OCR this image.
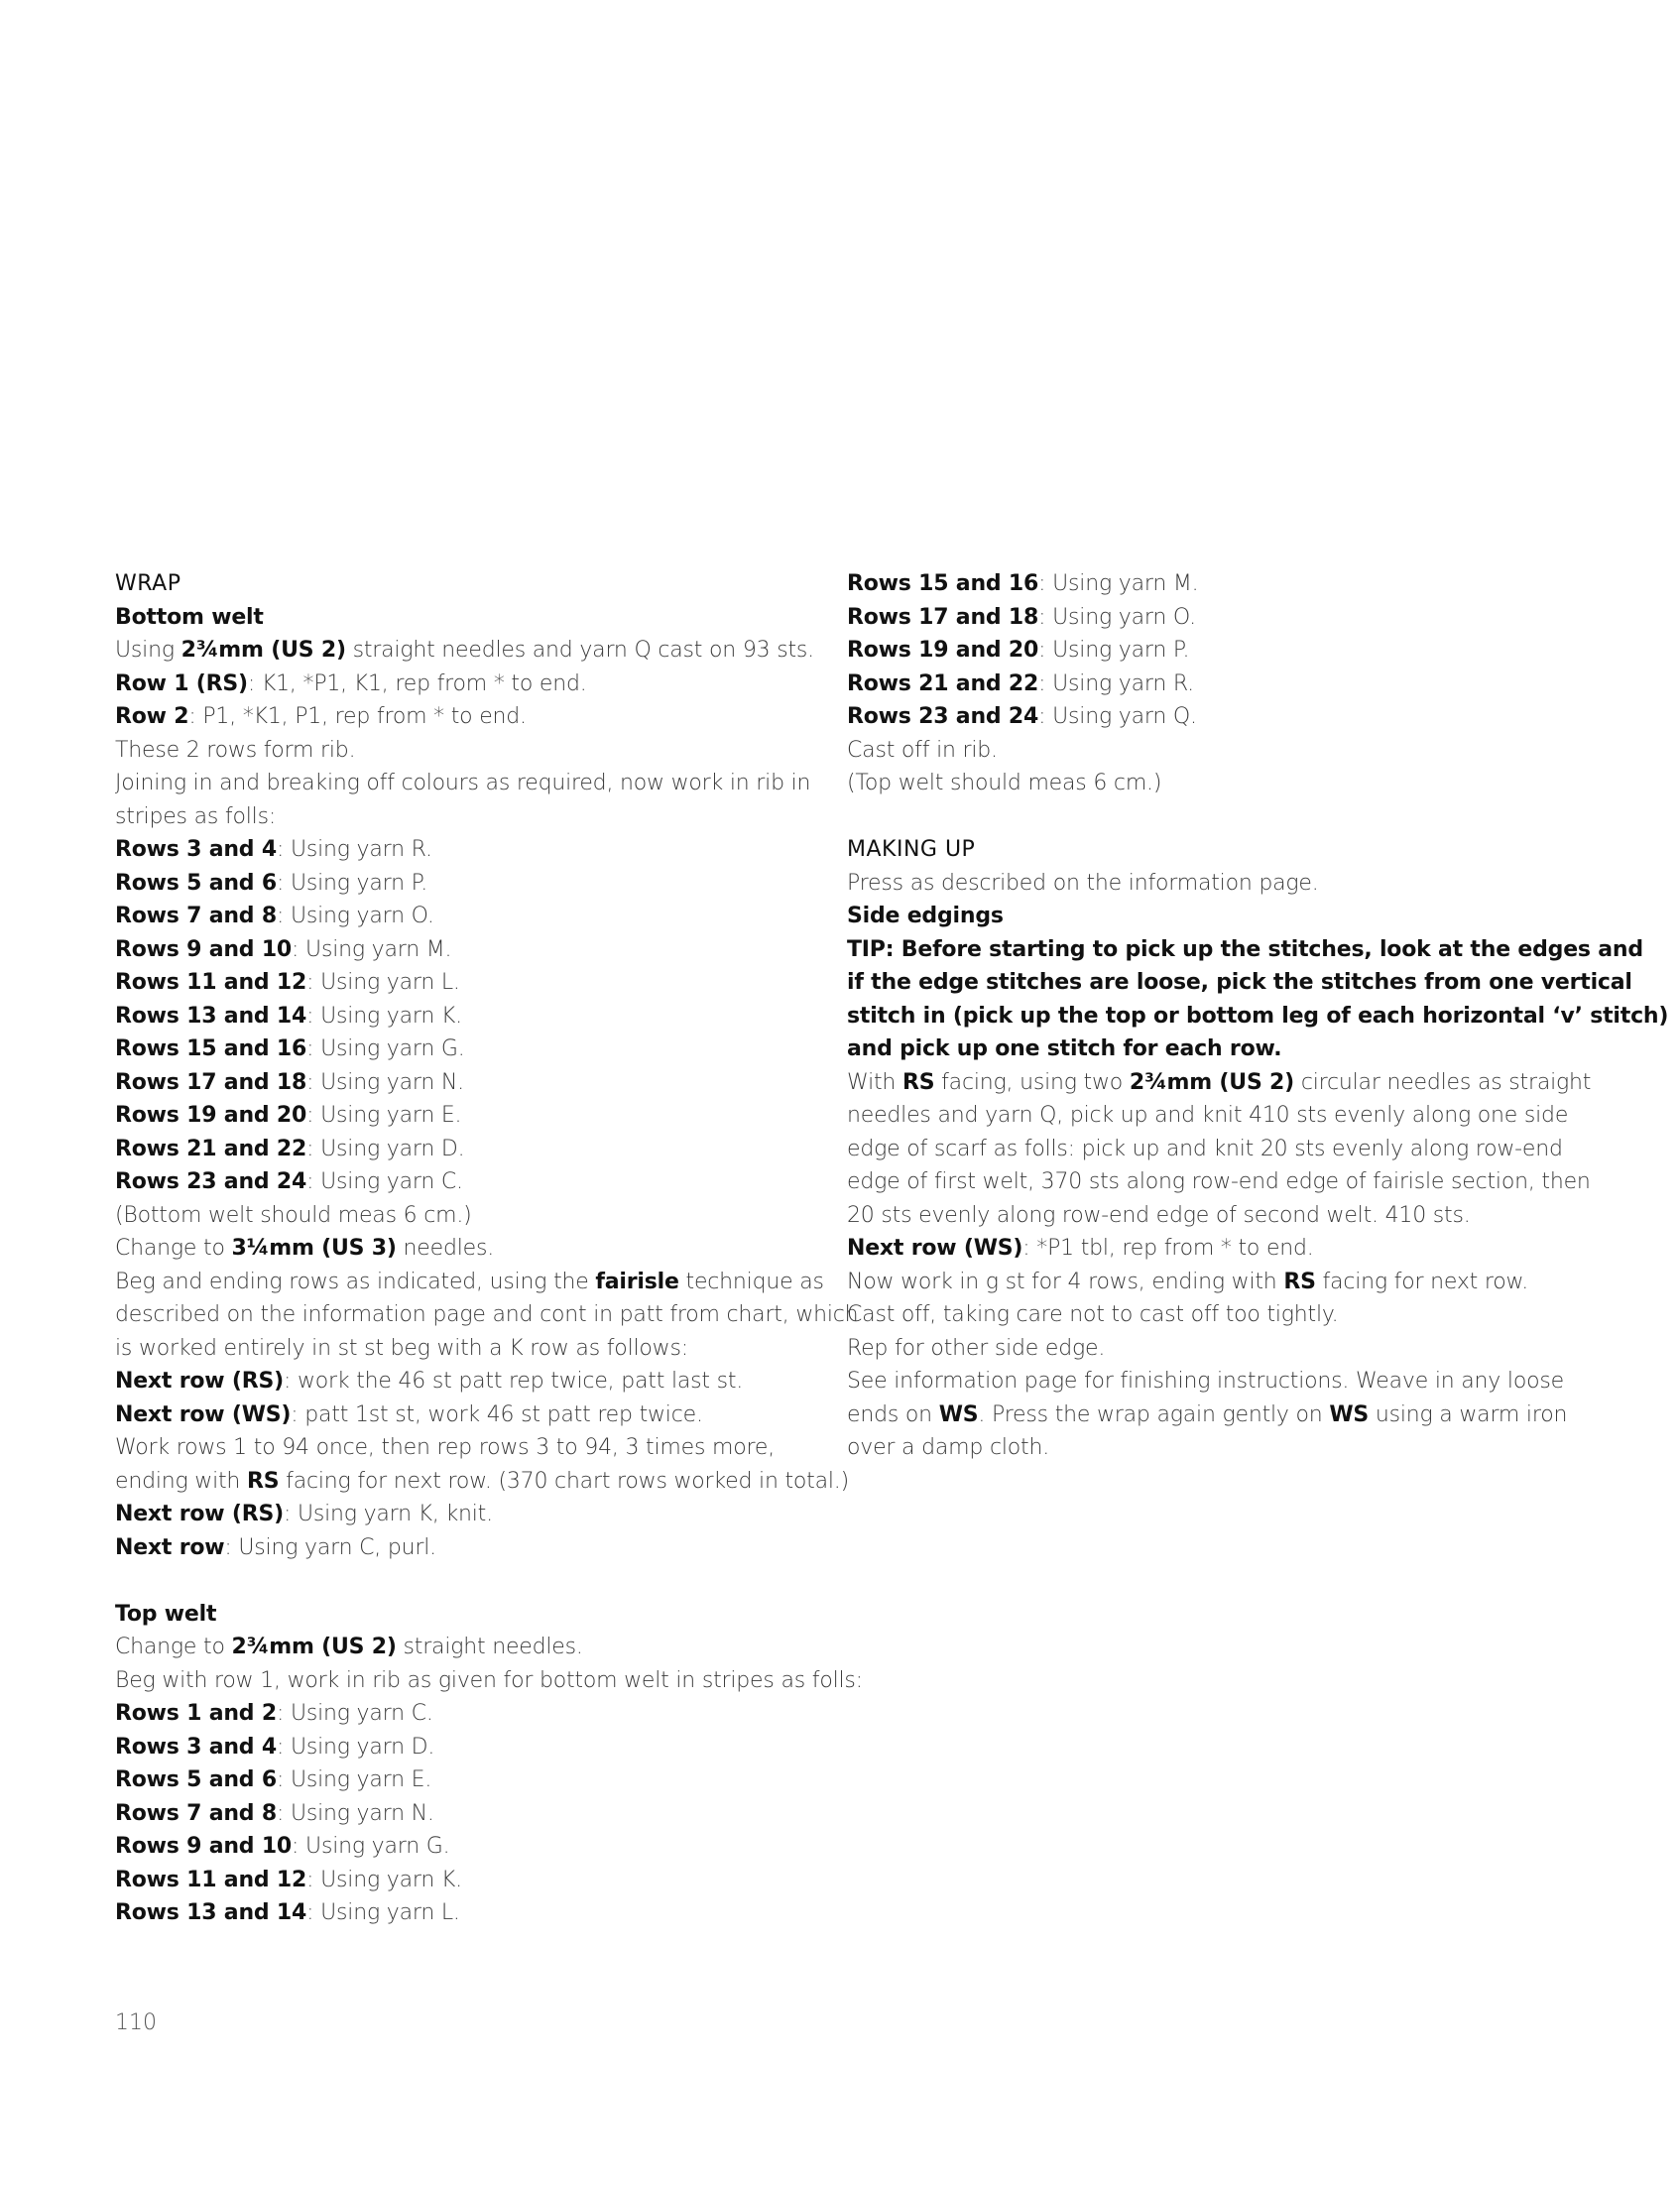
WRAP
Bottom welt
Using 2¾mm (US 2) straight needles and yarn Q cast on 93 sts.
Row 1 (RS): K1, *P1, K1, rep from * to end.
Row 2: P1, *K1, P1, rep from * to end.
These 2 rows form rib.
Joining in and breaking off colours as required, now work in rib in
stripes as folls:
Rows 3 and 4: Using yarn R.
Rows 5 and 6: Using yarn P.
Rows 7 and 8: Using yarn O.
Rows 9 and 10: Using yarn M.
Rows 11 and 12: Using yarn L.
Rows 13 and 14: Using yarn K.
Rows 15 and 16: Using yarn G.
Rows 17 and 18: Using yarn N.
Rows 19 and 20: Using yarn E.
Rows 21 and 22: Using yarn D.
Rows 23 and 24: Using yarn C.
(Bottom welt should meas 6 cm.)
Change to 3¼mm (US 3) needles.
Beg and ending rows as indicated, using the fairisle technique as
described on the information page and cont in patt from chart, which
is worked entirely in st st beg with a K row as follows:
Next row (RS): work the 46 st patt rep twice, patt last st.
Next row (WS): patt 1st st, work 46 st patt rep twice.
Work rows 1 to 94 once, then rep rows 3 to 94, 3 times more,
ending with RS facing for next row. (370 chart rows worked in total.)
Next row (RS): Using yarn K, knit.
Next row: Using yarn C, purl.
Top welt
Change to 2¾mm (US 2) straight needles.
Beg with row 1, work in rib as given for bottom welt in stripes as folls:
Rows 1 and 2: Using yarn C.
Rows 3 and 4: Using yarn D.
Rows 5 and 6: Using yarn E.
Rows 7 and 8: Using yarn N.
Rows 9 and 10: Using yarn G.
Rows 11 and 12: Using yarn K.
Rows 13 and 14: Using yarn L.
Rows 15 and 16: Using yarn M.
Rows 17 and 18: Using yarn O.
Rows 19 and 20: Using yarn P.
Rows 21 and 22: Using yarn R.
Rows 23 and 24: Using yarn Q.
Cast off in rib.
(Top welt should meas 6 cm.)
MAKING UP
Press as described on the information page.
Side edgings
TIP: Before starting to pick up the stitches, look at the edges and
if the edge stitches are loose, pick the stitches from one vertical
stitch in (pick up the top or bottom leg of each horizontal ‘v’ stitch)
and pick up one stitch for each row.
With RS facing, using two 2¾mm (US 2) circular needles as straight
needles and yarn Q, pick up and knit 410 sts evenly along one side
edge of scarf as folls: pick up and knit 20 sts evenly along row-end
edge of first welt, 370 sts along row-end edge of fairisle section, then
20 sts evenly along row-end edge of second welt. 410 sts.
Next row (WS): *P1 tbl, rep from * to end.
Now work in g st for 4 rows, ending with RS facing for next row.
Cast off, taking care not to cast off too tightly.
Rep for other side edge.
See information page for finishing instructions. Weave in any loose
ends on WS. Press the wrap again gently on WS using a warm iron
over a damp cloth.
110
